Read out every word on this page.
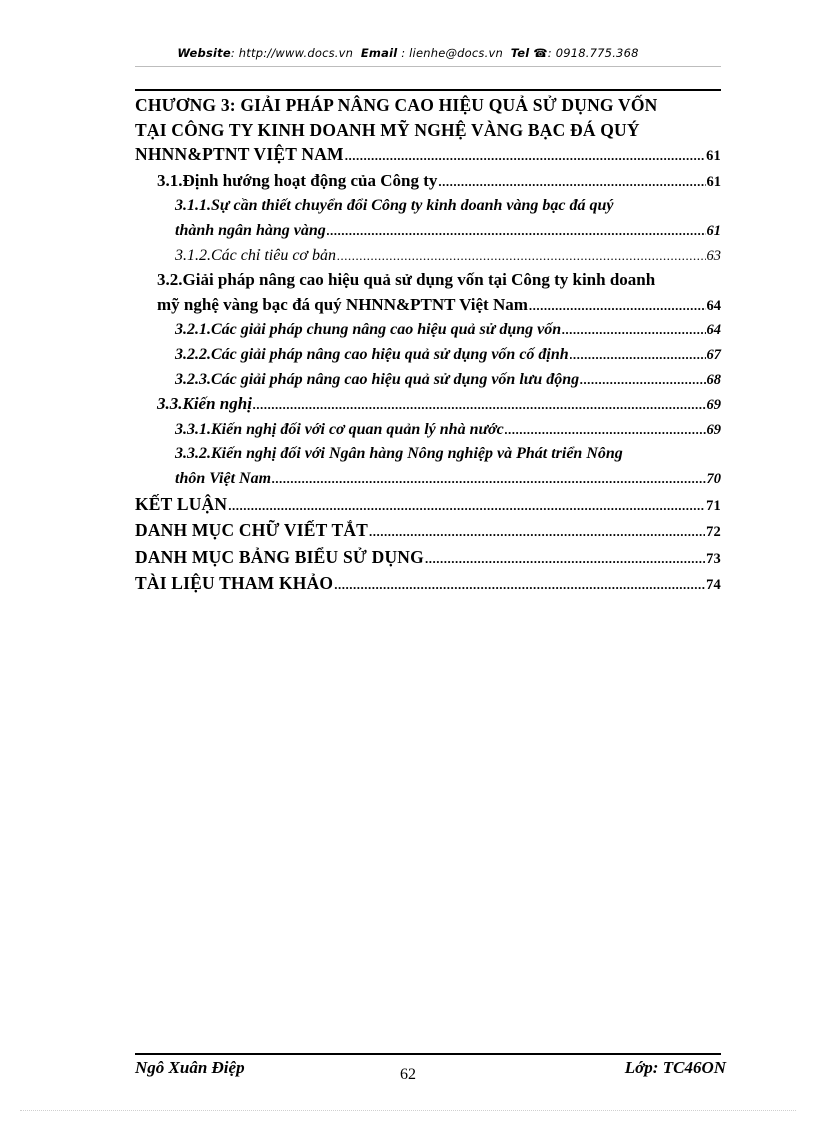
Website: http://www.docs.vn Email : lienhe@docs.vn Tel ☎: 0918.775.368
CHƯƠNG 3: GIẢI PHÁP NÂNG CAO HIỆU QUẢ SỬ DỤNG VỐN
TẠI CÔNG TY KINH DOANH MỸ NGHỆ VÀNG BẠC ĐÁ QUÝ
NHNN&PTNT VIỆT NAM .....	61
3.1.Định hướng hoạt động của Công ty .....	61
3.1.1.Sự cần thiết chuyển đổi Công ty kinh doanh vàng bạc đá quý
thành ngân hàng vàng .....	61
3.1.2.Các chỉ tiêu cơ bản .....	63
3.2.Giải pháp nâng cao hiệu quả sử dụng vốn tại Công ty kinh doanh
mỹ nghệ vàng bạc đá quý NHNN&PTNT Việt Nam .....	64
3.2.1.Các giải pháp chung nâng cao hiệu quả sử dụng vốn .....	64
3.2.2.Các giải pháp nâng cao hiệu quả sử dụng vốn cố định .....	67
3.2.3.Các giải pháp nâng cao hiệu quả sử dụng vốn lưu động .....	68
3.3.Kiến nghị .....	69
3.3.1.Kiến nghị đối với cơ quan quản lý nhà nước .....	69
3.3.2.Kiến nghị đối với Ngân hàng Nông nghiệp và Phát triển Nông
thôn Việt Nam .....	70
KẾT LUẬN .....	71
DANH MỤC CHỮ VIẾT TẮT .....	72
DANH MỤC BẢNG BIỂU SỬ DỤNG .....	73
TÀI LIỆU THAM KHẢO .....	74
Ngô Xuân Điệp	62	Lớp: TC46ON
